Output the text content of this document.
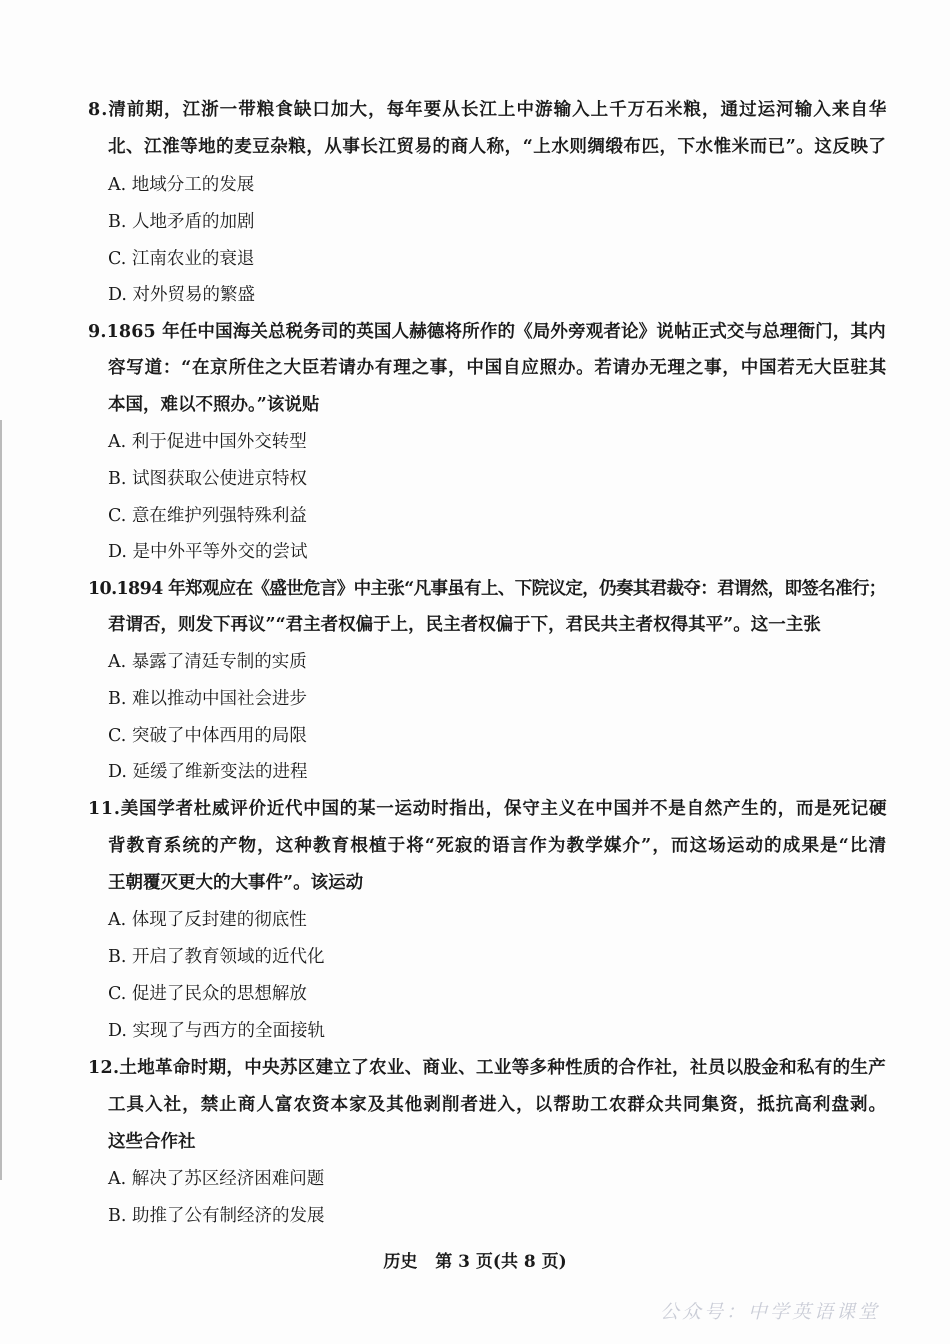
8.清前期，江浙一带粮食缺口加大，每年要从长江上中游输入上千万石米粮，通过运河输入来自华
北、江淮等地的麦豆杂粮，从事长江贸易的商人称，“上水则绸缎布匹，下水惟米而已”。这反映了
A. 地域分工的发展
B. 人地矛盾的加剧
C. 江南农业的衰退
D. 对外贸易的繁盛
9.1865 年任中国海关总税务司的英国人赫德将所作的《局外旁观者论》说帖正式交与总理衙门，其内
容写道：“在京所住之大臣若请办有理之事，中国自应照办。若请办无理之事，中国若无大臣驻其
本国，难以不照办。”该说贴
A. 利于促进中国外交转型
B. 试图获取公使进京特权
C. 意在维护列强特殊利益
D. 是中外平等外交的尝试
10.1894 年郑观应在《盛世危言》中主张“凡事虽有上、下院议定，仍奏其君裁夺：君谓然，即签名准行；
君谓否，则发下再议”“君主者权偏于上，民主者权偏于下，君民共主者权得其平”。这一主张
A. 暴露了清廷专制的实质
B. 难以推动中国社会进步
C. 突破了中体西用的局限
D. 延缓了维新变法的进程
11.美国学者杜威评价近代中国的某一运动时指出，保守主义在中国并不是自然产生的，而是死记硬
背教育系统的产物，这种教育根植于将“死寂的语言作为教学媒介”，而这场运动的成果是“比清
王朝覆灭更大的大事件”。该运动
A. 体现了反封建的彻底性
B. 开启了教育领域的近代化
C. 促进了民众的思想解放
D. 实现了与西方的全面接轨
12.土地革命时期，中央苏区建立了农业、商业、工业等多种性质的合作社，社员以股金和私有的生产
工具入社，禁止商人富农资本家及其他剥削者进入，以帮助工农群众共同集资，抵抗高利盘剥。
这些合作社
A. 解决了苏区经济困难问题
B. 助推了公有制经济的发展
历史 第 3 页(共 8 页)
公众号：中学英语课堂
